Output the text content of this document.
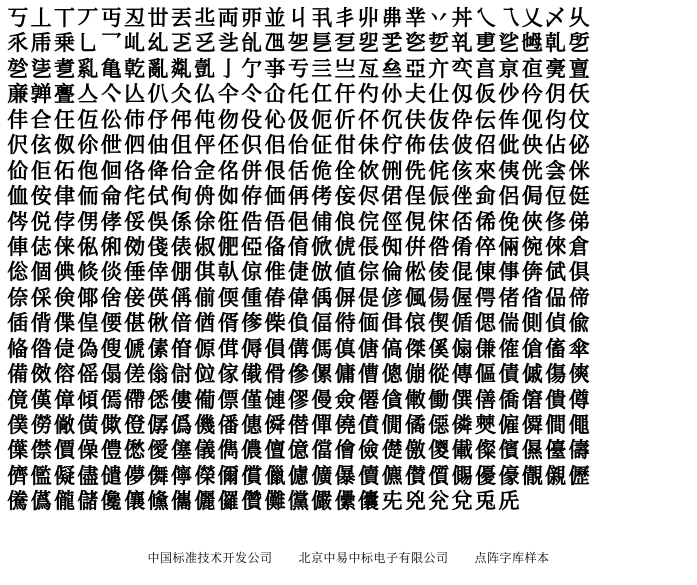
丂 丄 丅 丆 丏 丒 丗 丟 丠 両 丣 並 丩 丮 丯 丱 丳 丵 丷 丼 乀 乁 乂 乄 乆
乑 乕 乗 乚 乛 乢 乣 乤 乥 乧 乨 乪 乫 乬 乭 乮 乯 乲 乴 乵 乶 乷 乸 乹 乺
乻 乼 乽 乿 亀 亁 亂 亃 亄 亅 亇 亊 亐 亖 亗 亙 亝 亞 亣 亪 亯 亰 亱 亴 亶
亷 亸 亹 亼 亽 亾 仈 仌 仏 仐 仒 仚 仛 仜 仠 仢 仦 仧 仩 仭 仮 仯 仱 仴 仸
仹 仺 仼 仾 伀 伂 伃 伄 伅 伆 伇 伈 伋 伌 伒 伓 伔 伕 伖 伜 伝 伡 伣 伨 伩
伬 伭 伮 伱 伳 伵 伷 伹 伻 伾 伿 佀 佁 佂 佄 佅 佇 佈 佉 佊 佋 佌 佒 佔 佖
佡 佢 佦 佨 佪 佫 佭 佮 佱 佲 併 佷 佸 佹 佺 佽 侀 侁 侂 侅 來 侇 侊 侌 侎
侐 侒 侓 侕 侖 侘 侙 侚 侜 侞 侟 価 侢 侤 侫 侭 侰 侱 侲 侳 侴 侶 侷 侸 侹
侺 侻 侼 侽 侾 俀 俁 係 俆 俇 俈 俉 俋 俌 俍 俒 俓 俔 俕 俖 俙 俛 俠 俢 俤
俥 俧 俫 俬 俰 俲 俴 俵 俶 俷 俹 俻 俼 俽 俿 倀 倁 倂 倃 倄 倅 倆 倇 倈 倉
倊 個 倎 倐 倓 倕 倖 倗 倛 倝 倞 倠 倢 倣 値 倧 倫 倯 倰 倱 倲 倳 倴 倵 倶
倷 倸 倹 倻 倽 倿 偀 偁 偂 偄 偅 偆 偉 偊 偋 偍 偐 偑 偒 偓 偔 偖 偗 偘 偙
偛 偝 偞 偟 偠 偡 偢 偣 偤 偦 偧 偨 偩 偪 偫 偭 偮 偯 偰 偱 偲 偳 側 偵 偸
偹 偺 偼 偽 傁 傂 傃 傄 傆 傇 傉 傊 傋 傌 傎 傏 傐 傑 傒 傓 傔 傕 傖 傗 傘
備 傚 傛 傜 傝 傞 傟 傠 傡 傢 傤 傦 傪 傫 傭 傮 傯 傰 傱 傳 傴 債 傶 傷 傸
傹 傼 傽 傾 傿 僀 僁 僂 僃 僄 僅 僆 僇 僈 僉 僊 僋 僌 働 僎 僐 僑 僒 僓 僔
僕 僗 僘 僙 僛 僜 僝 僞 僟 僠 僡 僢 僣 僤 僥 僨 僩 僪 僫 僯 僰 僱 僲 僴 僶
僷 僸 價 僺 僼 僽 僾 僿 儀 儁 儂 儃 億 儅 儈 儉 儊 儌 儍 儎 儏 儐 儑 儓 儔
儕 儖 儗 儘 儙 儚 儛 儜 儝 儞 償 儠 儢 儣 儤 儥 儦 儧 儨 儩 優 儫 儬 儭 儮
儯 儰 儱 儲 儳 儴 儵 儶 儷 儸 儹 儺 儻 儼 儽 儾 兂 兇 兊 兌 兎 兏
中国标准技术开发公司 北京中易中标电子有限公司 点阵字库样本
